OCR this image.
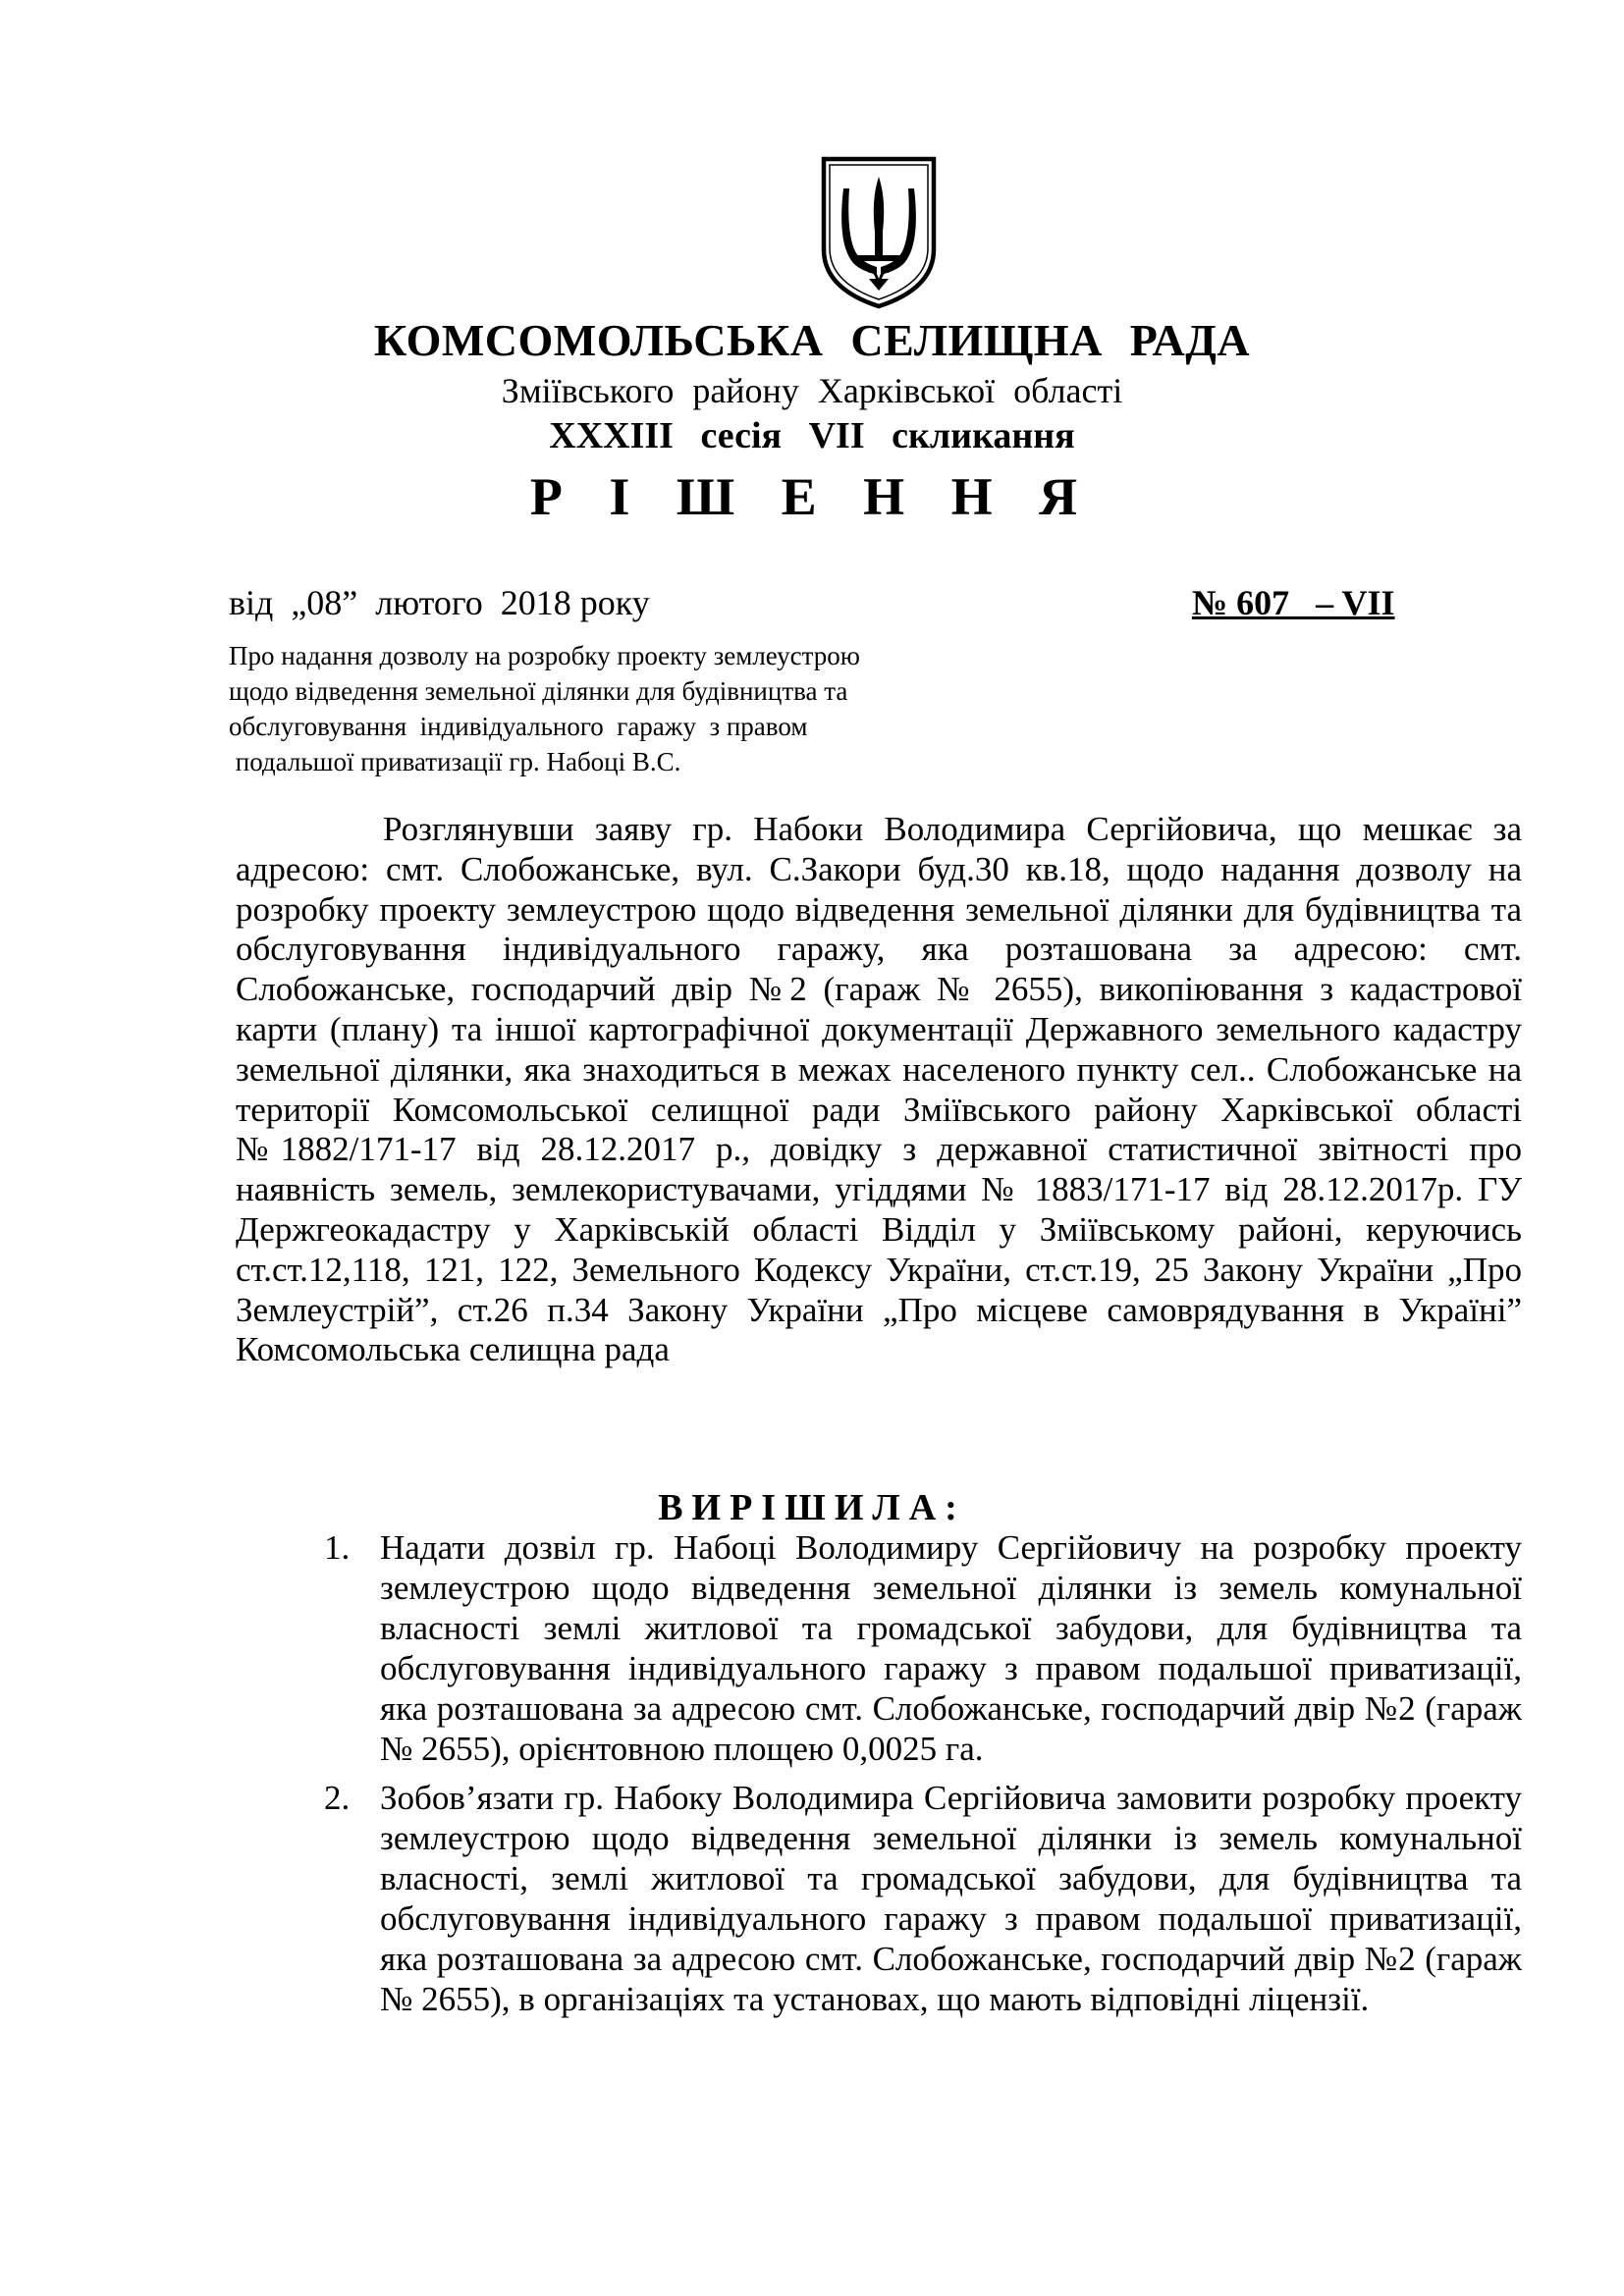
КОМСОМОЛЬСЬКА СЕЛИЩНА РАДА
Зміївського району Харківської області
XXXIII сесія VII скликання
Р І Ш Е Н Н Я
від  „08”  лютого  2018 року	№ 607   – VII
Про надання дозволу на розробку проекту землеустрою
щодо відведення земельної ділянки для будівництва та
обслуговування  індивідуального  гаражу  з правом
подальшої приватизації гр. Набоці В.С.

Розглянувши заяву гр. Набоки Володимира Сергійовича, що мешкає за адресою: смт. Слобожанське, вул. С.Закори буд.30 кв.18, щодо надання дозволу на розробку проекту землеустрою щодо відведення земельної ділянки для будівництва та обслуговування індивідуального гаражу, яка розташована за адресою: смт. Слобожанське, господарчий двір №2 (гараж № 2655), викопіювання з кадастрової карти (плану) та іншої картографічної документації Державного земельного кадастру земельної ділянки, яка знаходиться в межах населеного пункту сел.. Слобожанське на території Комсомольської селищної ради Зміївського району Харківської області №1882/171-17 від 28.12.2017 р., довідку з державної статистичної звітності про наявність земель, землекористувачами, угіддями № 1883/171-17 від 28.12.2017р. ГУ Держгеокадастру у Харківській області Відділ у Зміївському районі, керуючись ст.ст.12,118, 121, 122, Земельного Кодексу України, ст.ст.19, 25 Закону України „Про Землеустрій”, ст.26 п.34 Закону України „Про місцеве самоврядування в Україні” Комсомольська селищна рада

ВИРІШИЛА:
1. Надати дозвіл гр. Набоці Володимиру Сергійовичу на розробку проекту землеустрою щодо відведення земельної ділянки із земель комунальної власності землі житлової та громадської забудови, для будівництва та обслуговування індивідуального гаражу з правом подальшої приватизації, яка розташована за адресою смт. Слобожанське, господарчий двір №2 (гараж № 2655), орієнтовною площею 0,0025 га.
2. Зобов’язати гр. Набоку Володимира Сергійовича замовити розробку проекту землеустрою щодо відведення земельної ділянки із земель комунальної власності, землі житлової та громадської забудови, для будівництва та обслуговування індивідуального гаражу з правом подальшої приватизації, яка розташована за адресою смт. Слобожанське, господарчий двір №2 (гараж № 2655), в організаціях та установах, що мають відповідні ліцензії.
